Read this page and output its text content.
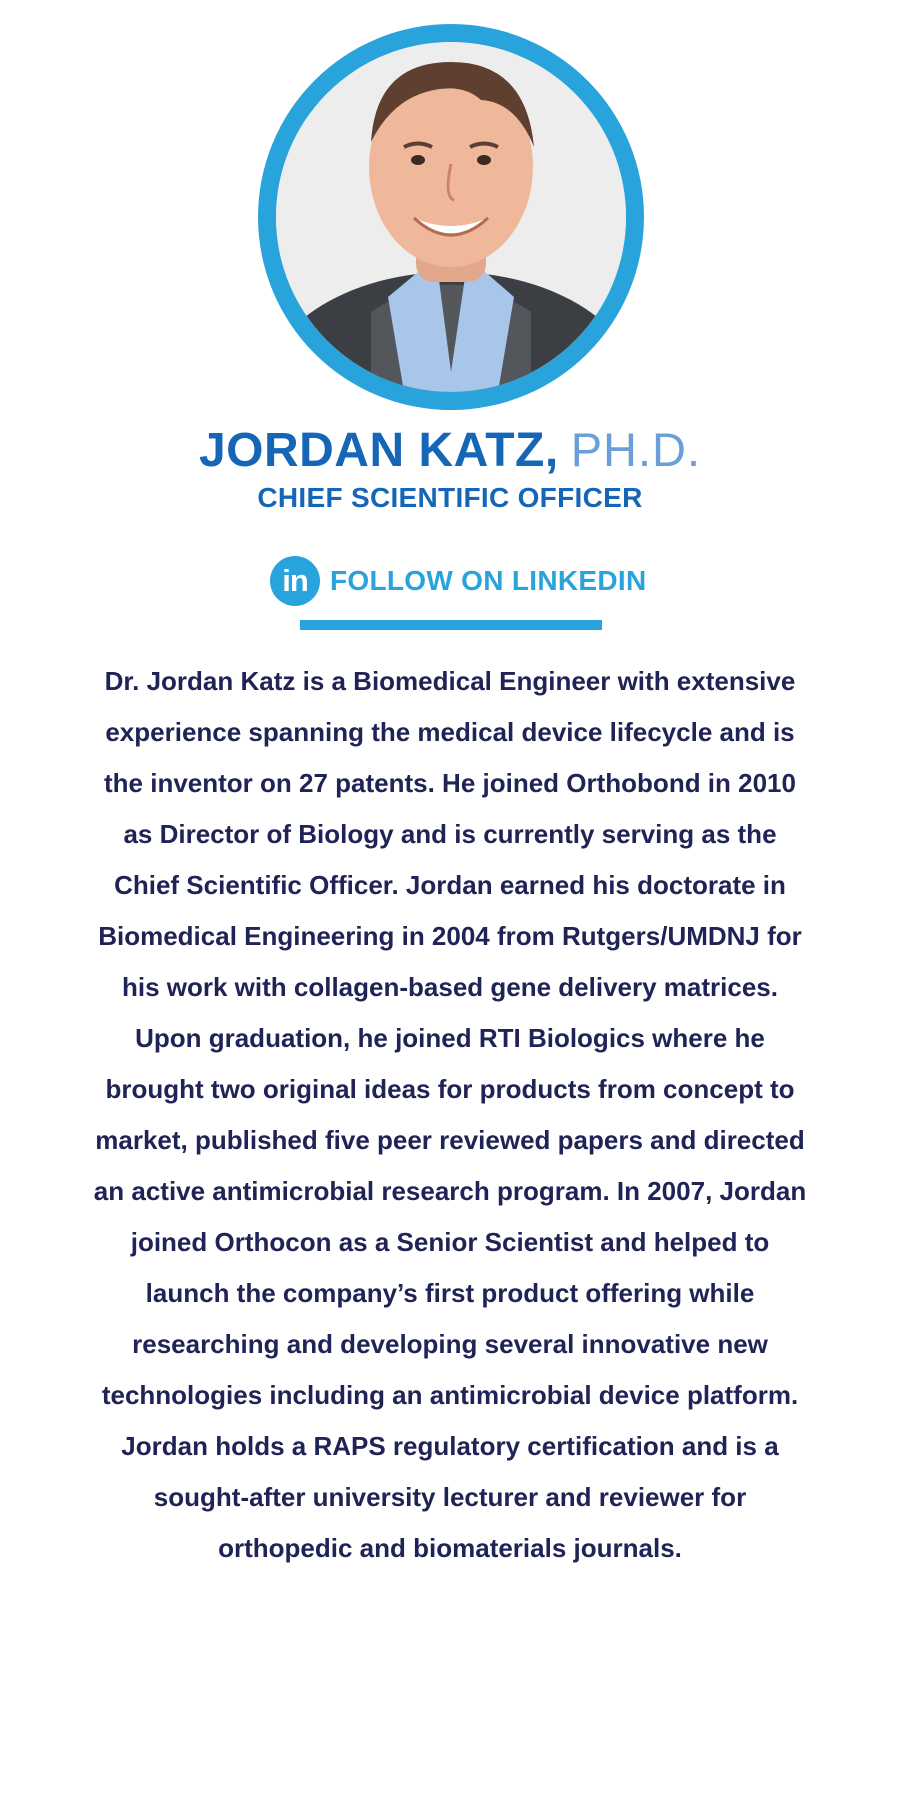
JORDAN KATZ, PH.D.
CHIEF SCIENTIFIC OFFICER
in FOLLOW ON LINKEDIN
Dr. Jordan Katz is a Biomedical Engineer with extensive experience spanning the medical device lifecycle and is the inventor on 27 patents. He joined Orthobond in 2010 as Director of Biology and is currently serving as the Chief Scientific Officer. Jordan earned his doctorate in Biomedical Engineering in 2004 from Rutgers/UMDNJ for his work with collagen-based gene delivery matrices. Upon graduation, he joined RTI Biologics where he brought two original ideas for products from concept to market, published five peer reviewed papers and directed an active antimicrobial research program. In 2007, Jordan joined Orthocon as a Senior Scientist and helped to launch the company’s first product offering while researching and developing several innovative new technologies including an antimicrobial device platform. Jordan holds a RAPS regulatory certification and is a sought-after university lecturer and reviewer for orthopedic and biomaterials journals.
